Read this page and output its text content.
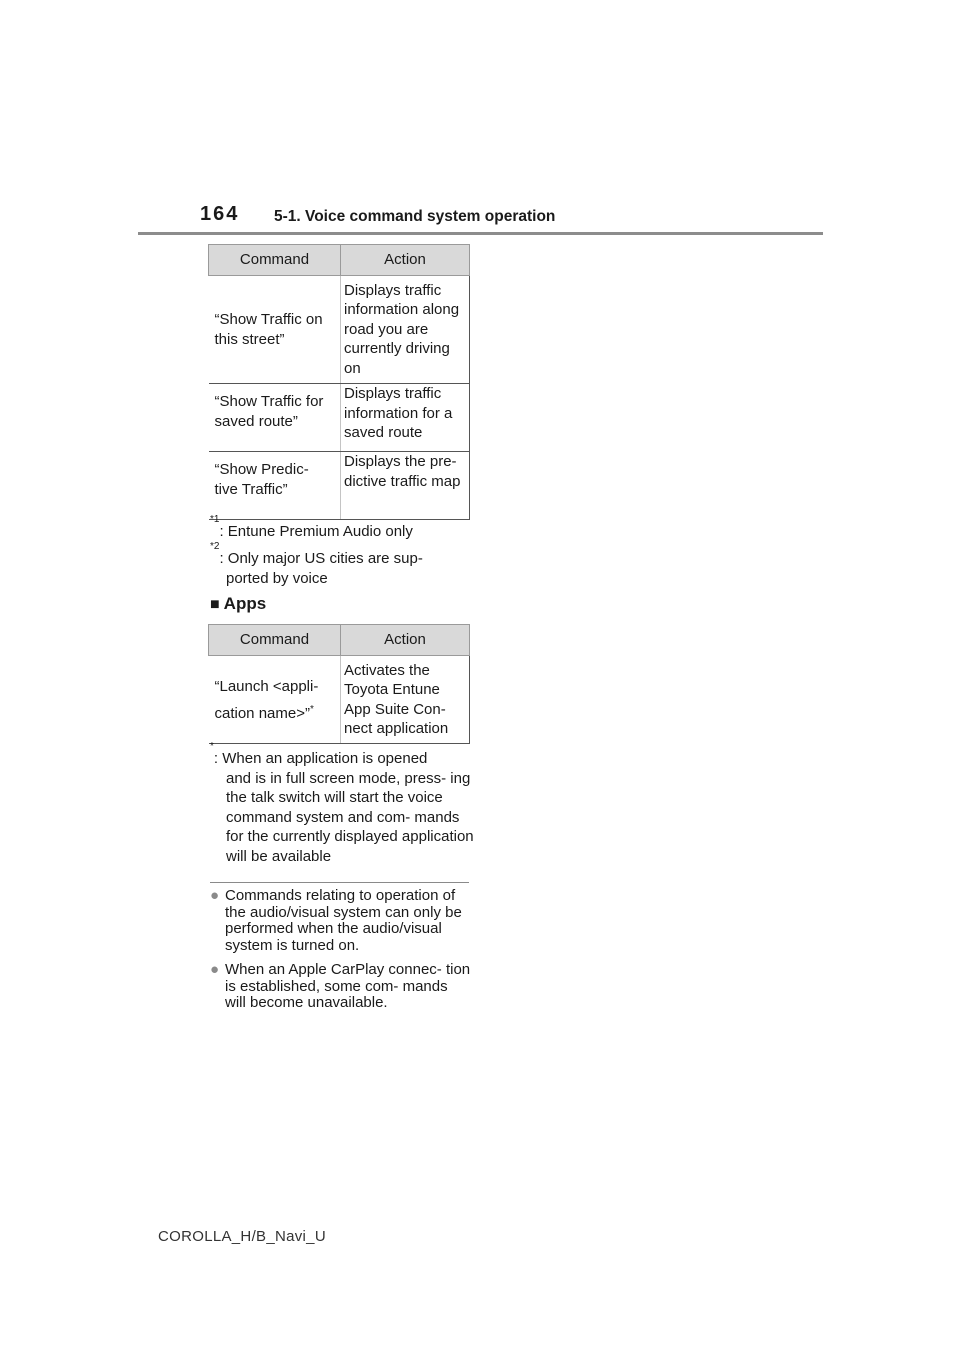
164 5-1. Voice command system operation
Command	Action
“Show Traffic on this street”	Displays traffic information along road you are currently driving on
“Show Traffic for saved route”	Displays traffic information for a saved route
“Show Predic- tive Traffic”	Displays the pre- dictive traffic map
$^{*1}$: Entune Premium Audio only
$^{*2}$: Only major US cities are sup-
ported by voice
■ Apps
Command	Action
“Launch <appli- cation name>”*	Activates the Toyota Entune App Suite Con- nect application
*: When an application is opened
and is in full screen mode, press- ing the talk switch will start the voice command system and com- mands for the currently displayed application will be available
● Commands relating to operation of the audio/visual system can only be performed when the audio/visual system is turned on.
● When an Apple CarPlay connec- tion is established, some com- mands will become unavailable.
COROLLA_H/B_Navi_U
